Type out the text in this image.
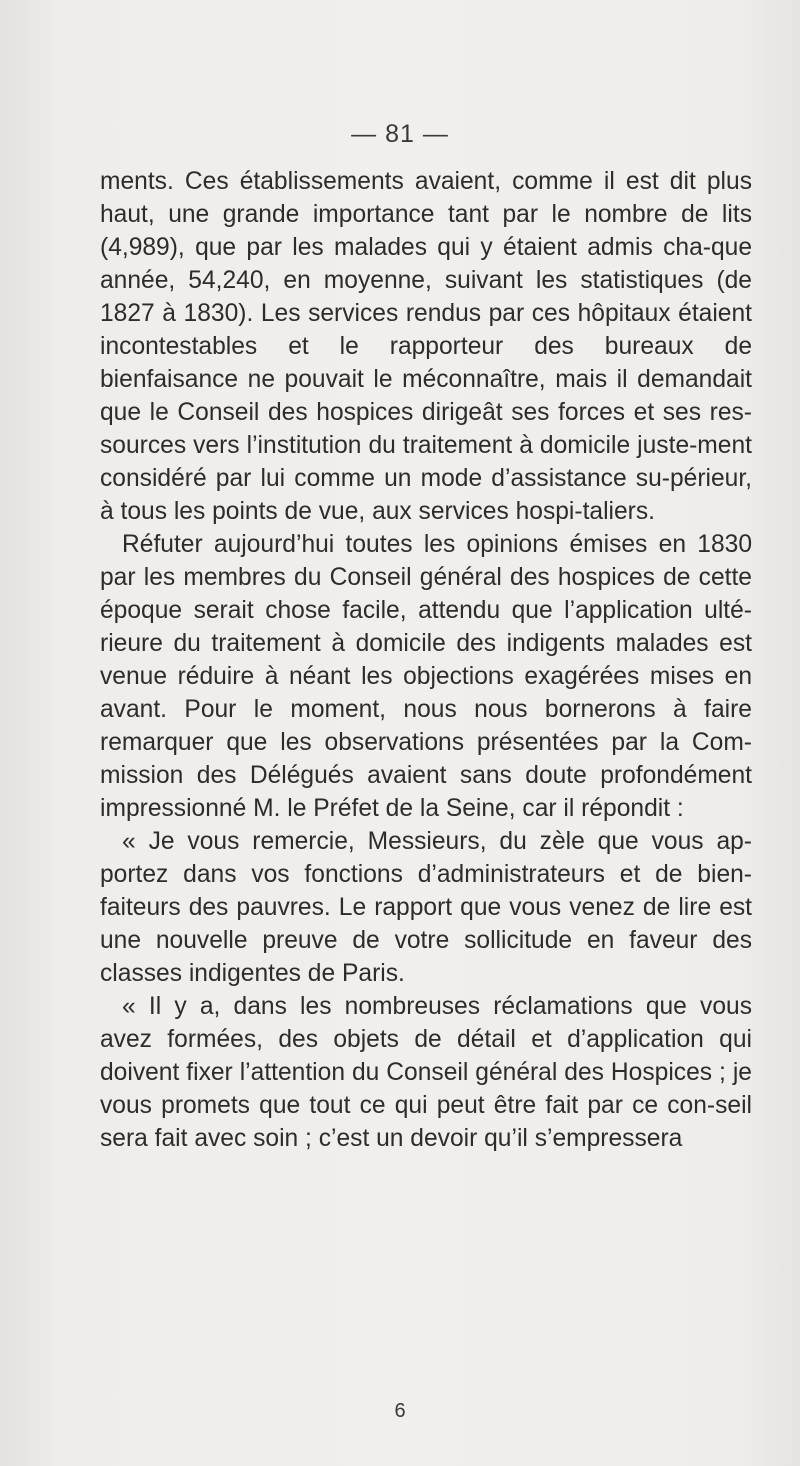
— 81 —

ments. Ces établissements avaient, comme il est dit plus haut, une grande importance tant par le nombre de lits (4,989), que par les malades qui y étaient admis cha-que année, 54,240, en moyenne, suivant les statistiques (de 1827 à 1830). Les services rendus par ces hôpitaux étaient incontestables et le rapporteur des bureaux de bienfaisance ne pouvait le méconnaître, mais il demandait que le Conseil des hospices dirigeât ses forces et ses res-sources vers l’institution du traitement à domicile juste-ment considéré par lui comme un mode d’assistance su-périeur, à tous les points de vue, aux services hospi-taliers.

Réfuter aujourd’hui toutes les opinions émises en 1830 par les membres du Conseil général des hospices de cette époque serait chose facile, attendu que l’application ulté-rieure du traitement à domicile des indigents malades est venue réduire à néant les objections exagérées mises en avant. Pour le moment, nous nous bornerons à faire remarquer que les observations présentées par la Com-mission des Délégués avaient sans doute profondément impressionné M. le Préfet de la Seine, car il répondit :

« Je vous remercie, Messieurs, du zèle que vous ap-portez dans vos fonctions d’administrateurs et de bien-faiteurs des pauvres. Le rapport que vous venez de lire est une nouvelle preuve de votre sollicitude en faveur des classes indigentes de Paris.

« Il y a, dans les nombreuses réclamations que vous avez formées, des objets de détail et d’application qui doivent fixer l’attention du Conseil général des Hospices ; je vous promets que tout ce qui peut être fait par ce con-seil sera fait avec soin ; c’est un devoir qu’il s’empressera

6
